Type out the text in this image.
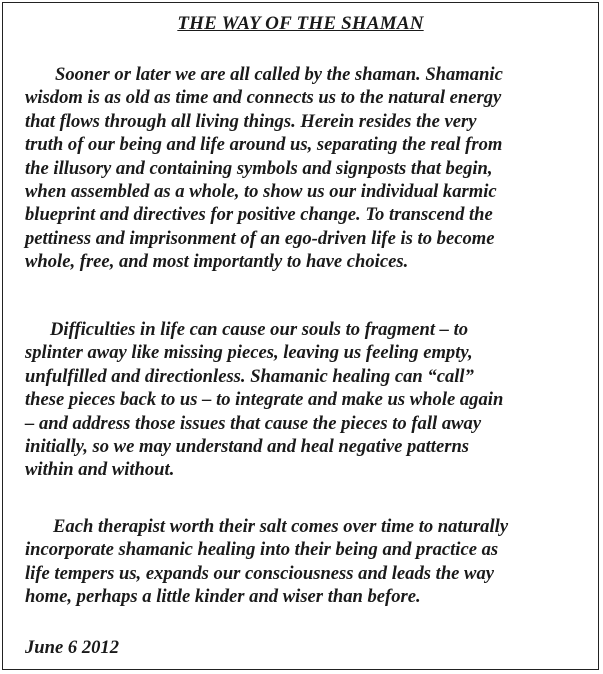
THE WAY OF THE SHAMAN

Sooner or later we are all called by the shaman. Shamanic
wisdom is as old as time and connects us to the natural energy
that flows through all living things. Herein resides the very
truth of our being and life around us, separating the real from
the illusory and containing symbols and signposts that begin,
when assembled as a whole, to show us our individual karmic
blueprint and directives for positive change. To transcend the
pettiness and imprisonment of an ego-driven life is to become
whole, free, and most importantly to have choices.

Difficulties in life can cause our souls to fragment – to
splinter away like missing pieces, leaving us feeling empty,
unfulfilled and directionless. Shamanic healing can “call”
these pieces back to us – to integrate and make us whole again
– and address those issues that cause the pieces to fall away
initially, so we may understand and heal negative patterns
within and without.

Each therapist worth their salt comes over time to naturally
incorporate shamanic healing into their being and practice as
life tempers us, expands our consciousness and leads the way
home, perhaps a little kinder and wiser than before.

June 6 2012
